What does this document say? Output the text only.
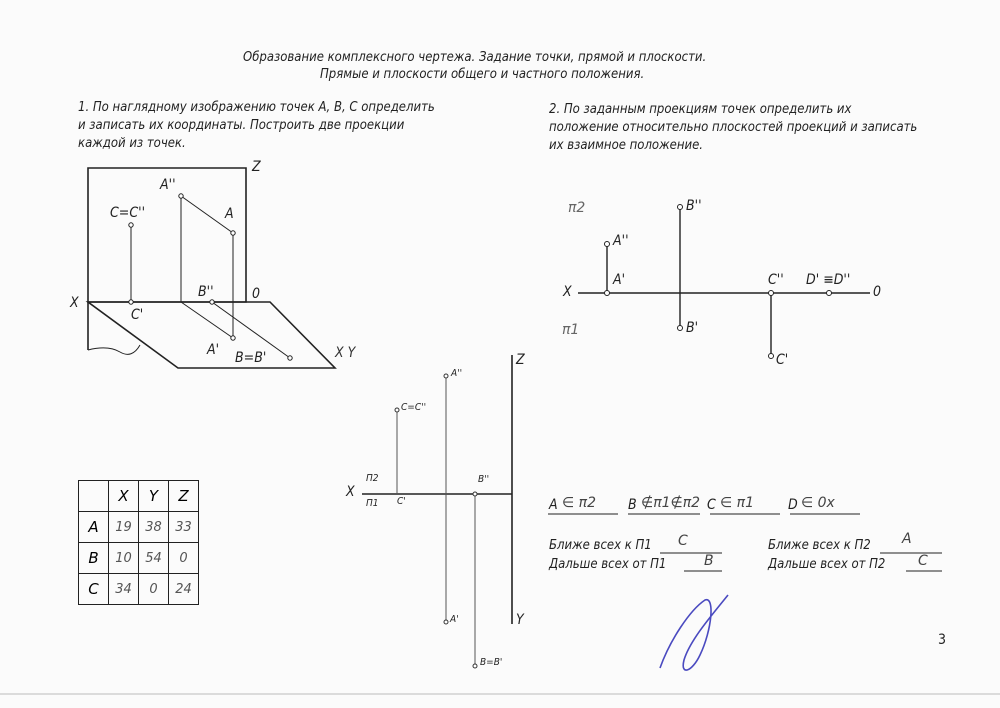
Образование комплексного чертежа. Задание точки, прямой и плоскости.
Прямые и плоскости общего и частного положения.
1. По наглядному изображению точек А, В, С определить
и записать их координаты. Построить две проекции
каждой из точек.
2. По заданным проекциям точек определить их
положение относительно плоскостей проекций и записать
их взаимное положение.
Z
A''
A
C=C''
B''	0
X
C'
A' B=B'	X Y
π2
π1
X	0
B''
A''
A'	C'' D' ≡D''
B'
C'
A''
Z
C=C''
X
П2
П1 C'
B''
A'	Y
B=B'
	X	Y	Z
A	19	38	33
B	10	54	0
C	34	0	24
A ∈ π2 B ∉π1∉π2 C ∈ π1 D ∈ 0x
Ближе всех к П1 С
Дальше всех от П1	В
Ближе всех к П2 А
Дальше всех от П2 С
3
